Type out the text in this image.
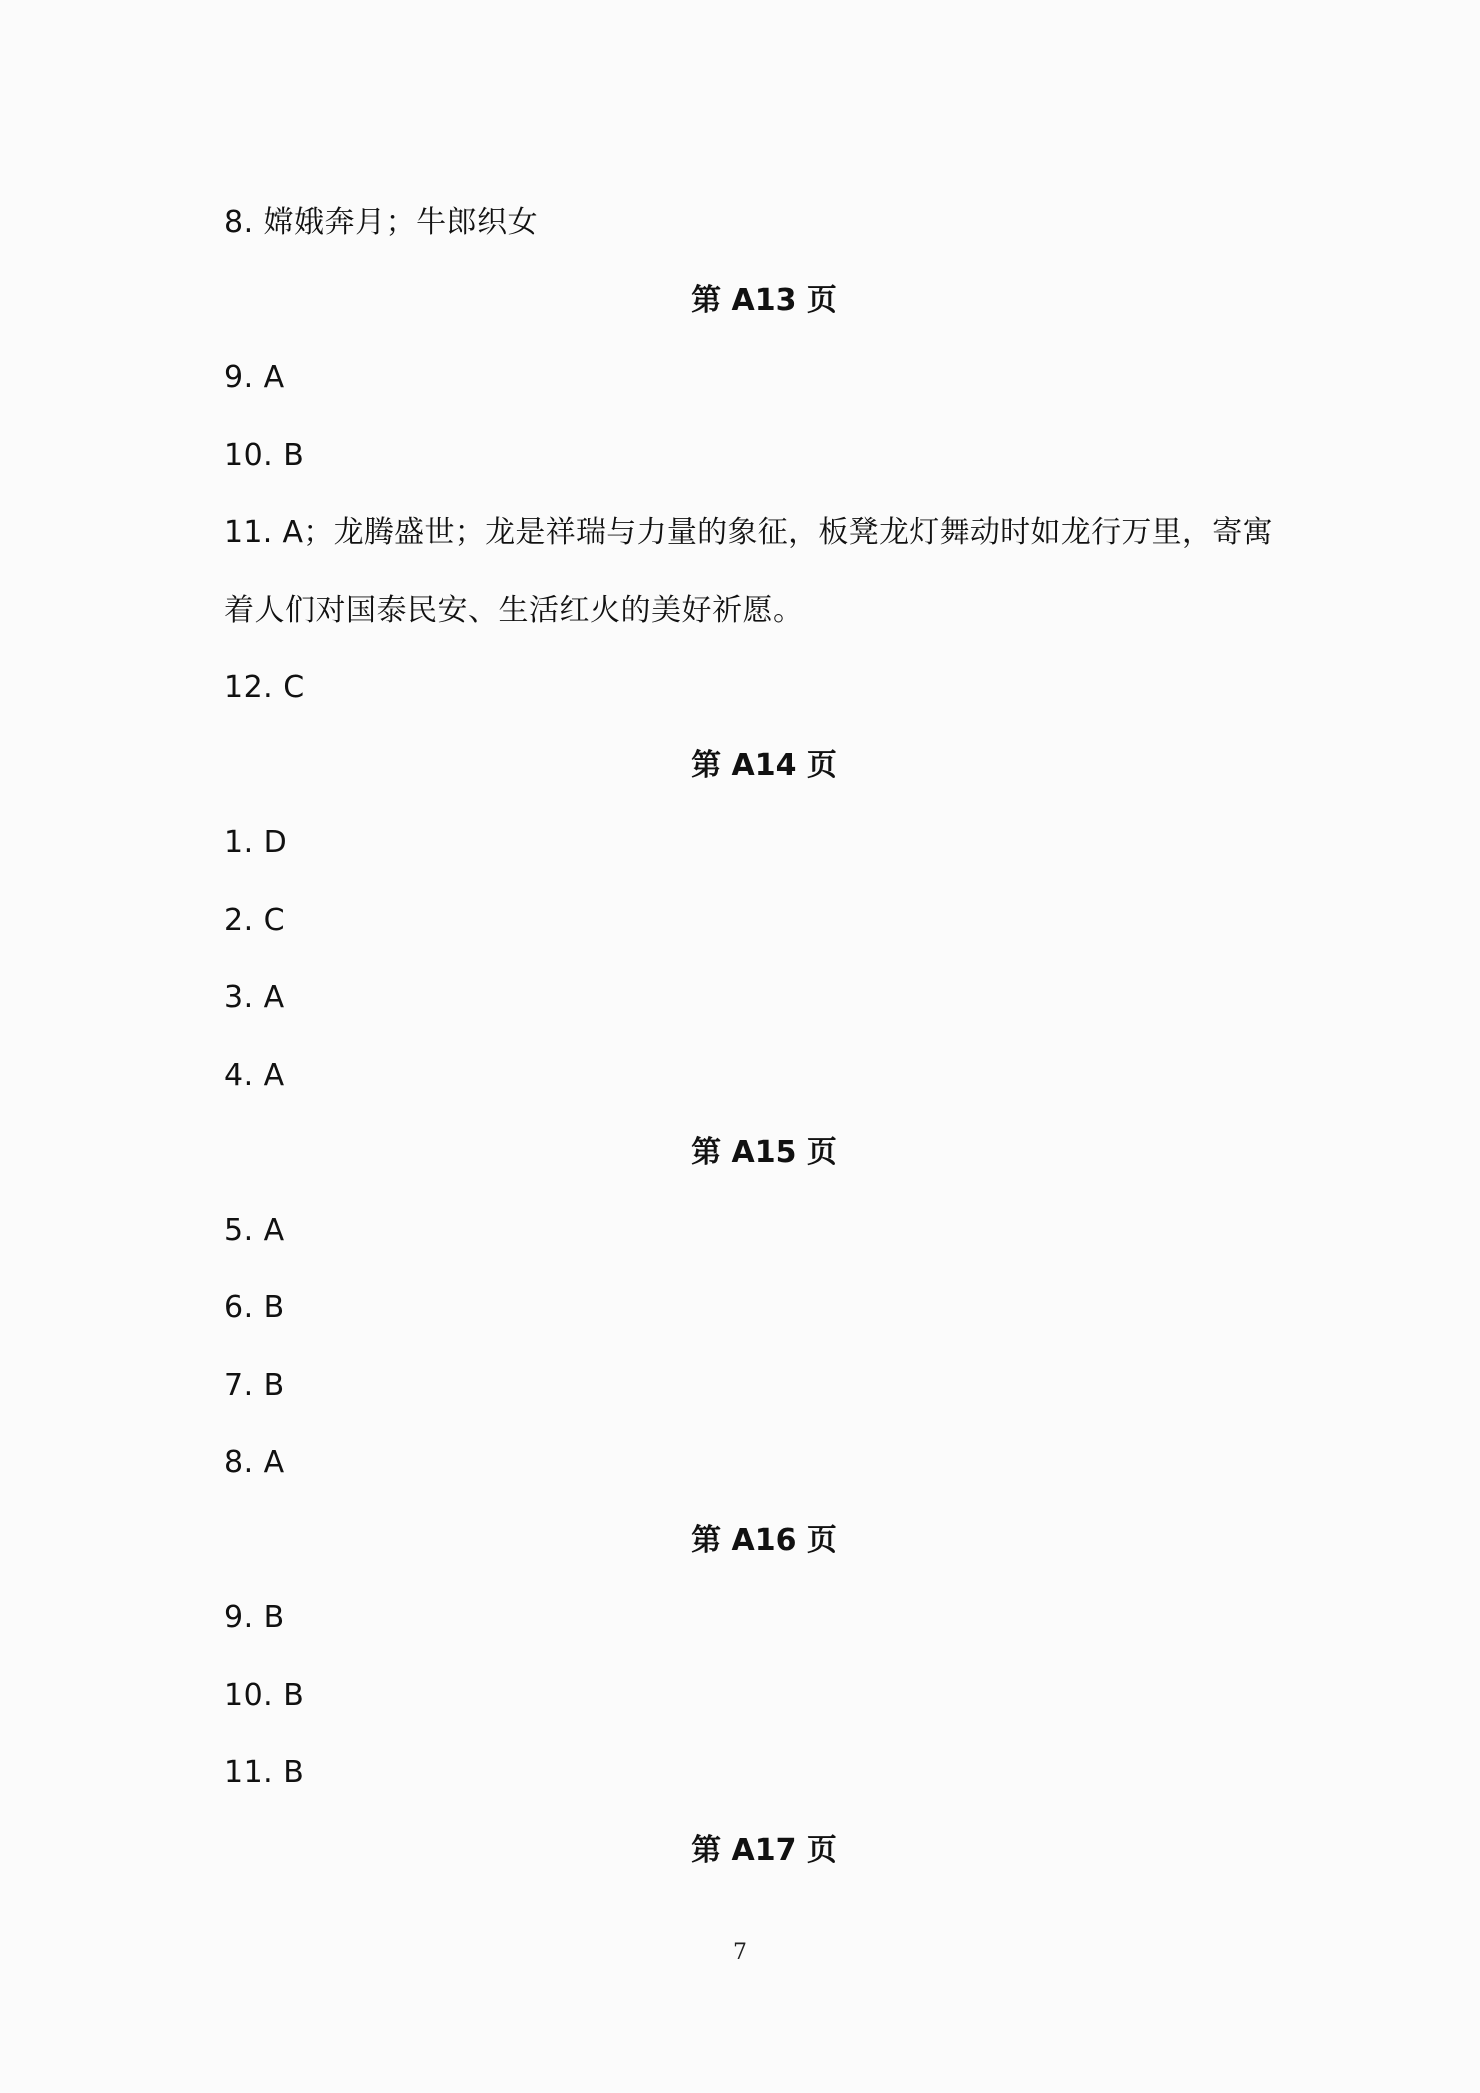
8. 嫦娥奔月；牛郎织女
第 A13 页
9. A
10. B
11. A；龙腾盛世；龙是祥瑞与力量的象征，板凳龙灯舞动时如龙行万里，寄寓
着人们对国泰民安、生活红火的美好祈愿。
12. C
第 A14 页
1. D
2. C
3. A
4. A
第 A15 页
5. A
6. B
7. B
8. A
第 A16 页
9. B
10. B
11. B
第 A17 页
7
